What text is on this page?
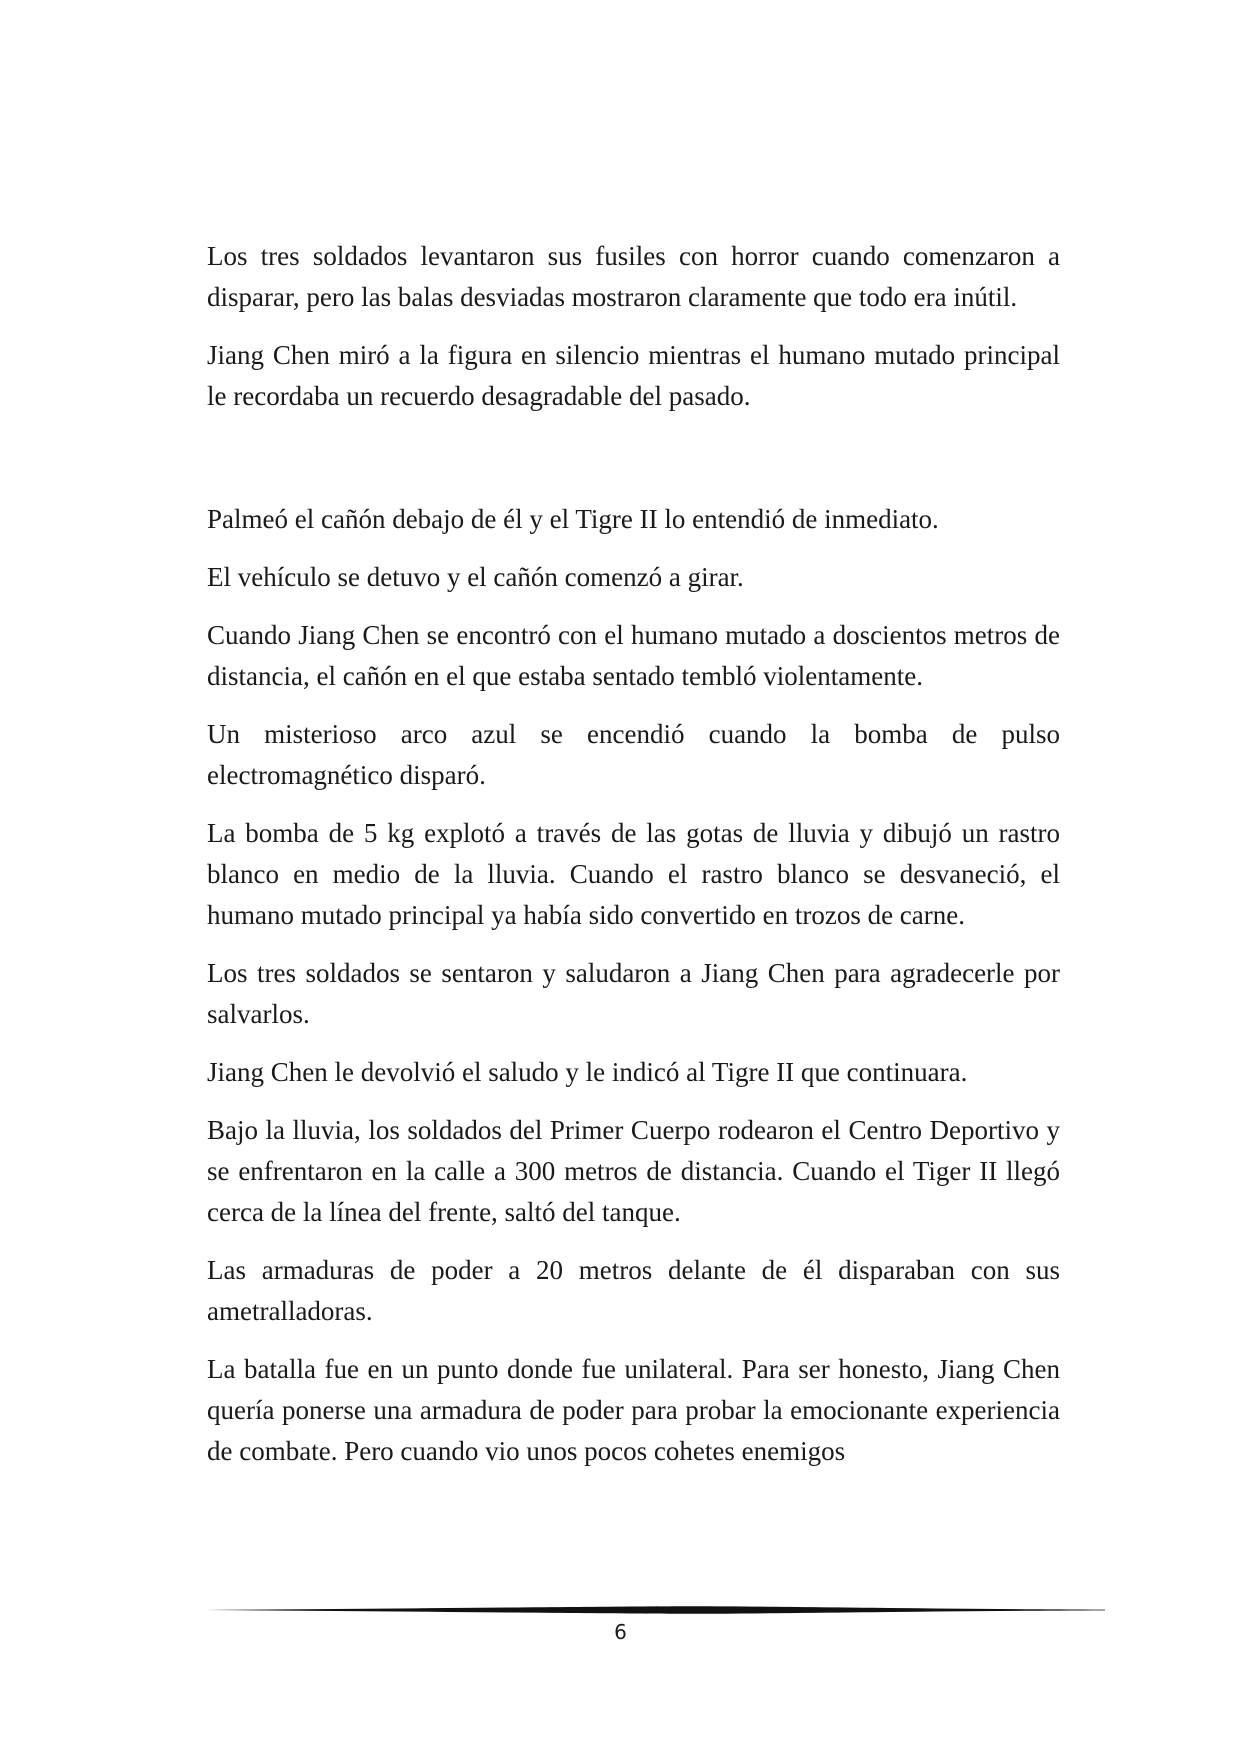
Los tres soldados levantaron sus fusiles con horror cuando comenzaron a disparar, pero las balas desviadas mostraron claramente que todo era inútil.

Jiang Chen miró a la figura en silencio mientras el humano mutado principal le recordaba un recuerdo desagradable del pasado.

Palmeó el cañón debajo de él y el Tigre II lo entendió de inmediato.

El vehículo se detuvo y el cañón comenzó a girar.

Cuando Jiang Chen se encontró con el humano mutado a doscientos metros de distancia, el cañón en el que estaba sentado tembló violentamente.

Un misterioso arco azul se encendió cuando la bomba de pulso electromagnético disparó.

La bomba de 5 kg explotó a través de las gotas de lluvia y dibujó un rastro blanco en medio de la lluvia. Cuando el rastro blanco se desvaneció, el humano mutado principal ya había sido convertido en trozos de carne.

Los tres soldados se sentaron y saludaron a Jiang Chen para agradecerle por salvarlos.

Jiang Chen le devolvió el saludo y le indicó al Tigre II que continuara.

Bajo la lluvia, los soldados del Primer Cuerpo rodearon el Centro Deportivo y se enfrentaron en la calle a 300 metros de distancia. Cuando el Tiger II llegó cerca de la línea del frente, saltó del tanque.

Las armaduras de poder a 20 metros delante de él disparaban con sus ametralladoras.

La batalla fue en un punto donde fue unilateral. Para ser honesto, Jiang Chen quería ponerse una armadura de poder para probar la emocionante experiencia de combate. Pero cuando vio unos pocos cohetes enemigos

6
